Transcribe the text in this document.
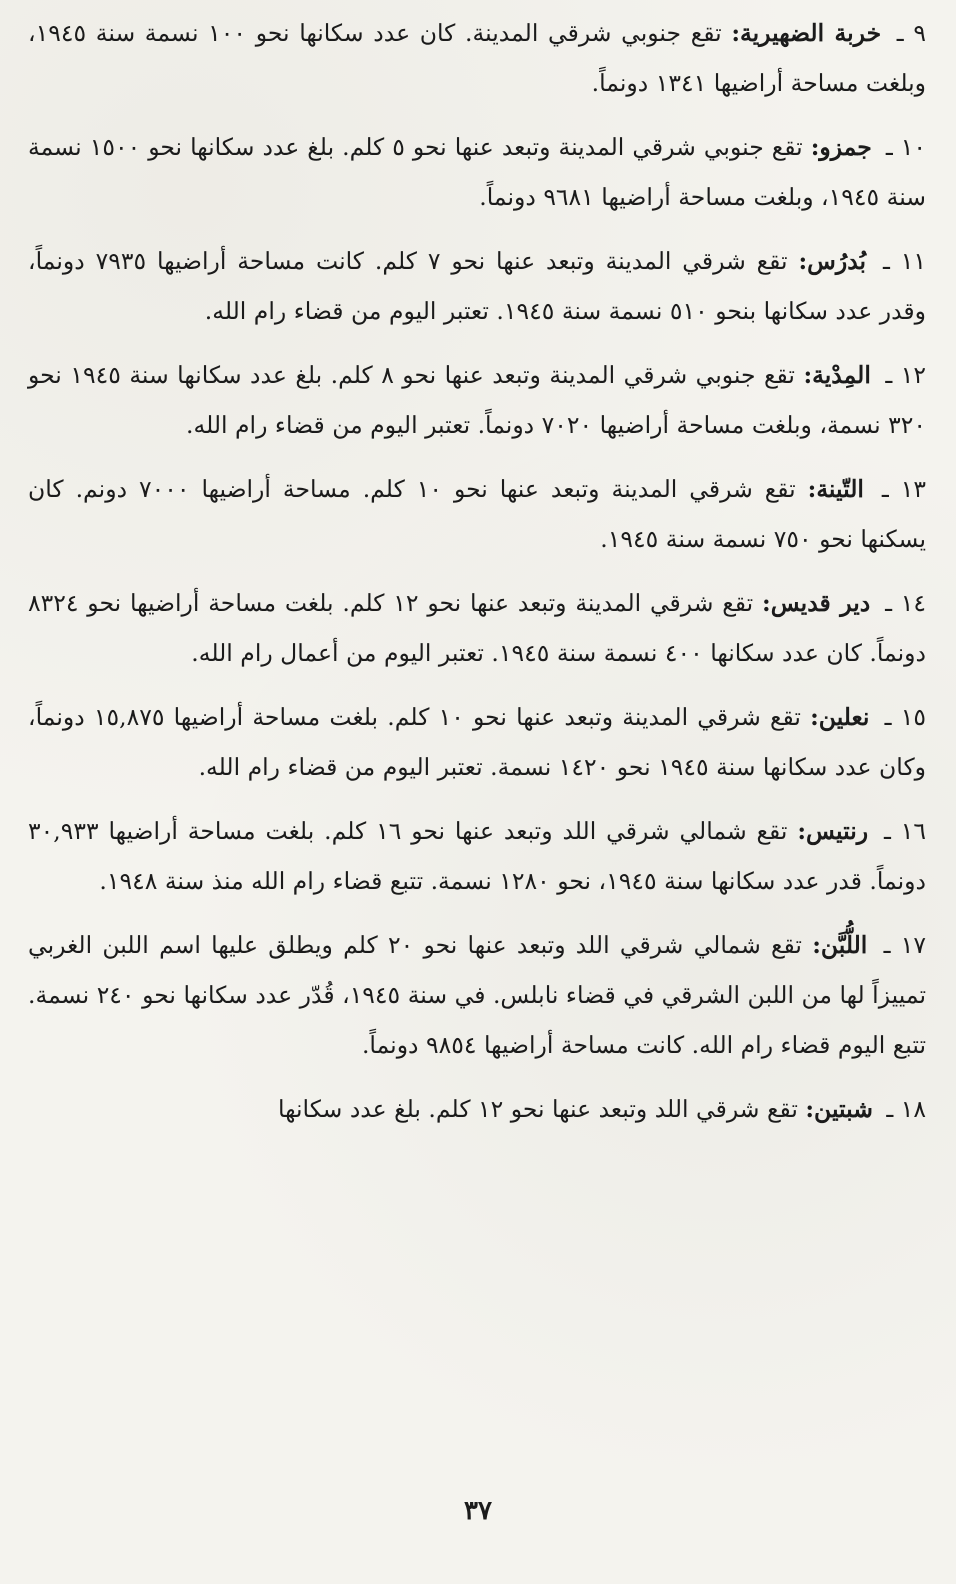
٩ ـ خربة الضهيرية: تقع جنوبي شرقي المدينة. كان عدد سكانها نحو ١٠٠ نسمة سنة ١٩٤٥، وبلغت مساحة أراضيها ١٣٤١ دونماً.

١٠ ـ جمزو: تقع جنوبي شرقي المدينة وتبعد عنها نحو ٥ كلم. بلغ عدد سكانها نحو ١٥٠٠ نسمة سنة ١٩٤٥، وبلغت مساحة أراضيها ٩٦٨١ دونماً.

١١ ـ بُدرُس: تقع شرقي المدينة وتبعد عنها نحو ٧ كلم. كانت مساحة أراضيها ٧٩٣٥ دونماً، وقدر عدد سكانها بنحو ٥١٠ نسمة سنة ١٩٤٥. تعتبر اليوم من قضاء رام الله.

١٢ ـ المِدْية: تقع جنوبي شرقي المدينة وتبعد عنها نحو ٨ كلم. بلغ عدد سكانها سنة ١٩٤٥ نحو ٣٢٠ نسمة، وبلغت مساحة أراضيها ٧٠٢٠ دونماً. تعتبر اليوم من قضاء رام الله.

١٣ ـ التّينة: تقع شرقي المدينة وتبعد عنها نحو ١٠ كلم. مساحة أراضيها ٧٠٠٠ دونم. كان يسكنها نحو ٧٥٠ نسمة سنة ١٩٤٥.

١٤ ـ دير قديس: تقع شرقي المدينة وتبعد عنها نحو ١٢ كلم. بلغت مساحة أراضيها نحو ٨٣٢٤ دونماً. كان عدد سكانها ٤٠٠ نسمة سنة ١٩٤٥. تعتبر اليوم من أعمال رام الله.

١٥ ـ نعلين: تقع شرقي المدينة وتبعد عنها نحو ١٠ كلم. بلغت مساحة أراضيها ١٥,٨٧٥ دونماً، وكان عدد سكانها سنة ١٩٤٥ نحو ١٤٢٠ نسمة. تعتبر اليوم من قضاء رام الله.

١٦ ـ رنتيس: تقع شمالي شرقي اللد وتبعد عنها نحو ١٦ كلم. بلغت مساحة أراضيها ٣٠,٩٣٣ دونماً. قدر عدد سكانها سنة ١٩٤٥، نحو ١٢٨٠ نسمة. تتبع قضاء رام الله منذ سنة ١٩٤٨.

١٧ ـ اللُّبَّن: تقع شمالي شرقي اللد وتبعد عنها نحو ٢٠ كلم ويطلق عليها اسم اللبن الغربي تمييزاً لها من اللبن الشرقي في قضاء نابلس. في سنة ١٩٤٥، قُدّر عدد سكانها نحو ٢٤٠ نسمة. تتبع اليوم قضاء رام الله. كانت مساحة أراضيها ٩٨٥٤ دونماً.

١٨ ـ شبتين: تقع شرقي اللد وتبعد عنها نحو ١٢ كلم. بلغ عدد سكانها

٣٧
